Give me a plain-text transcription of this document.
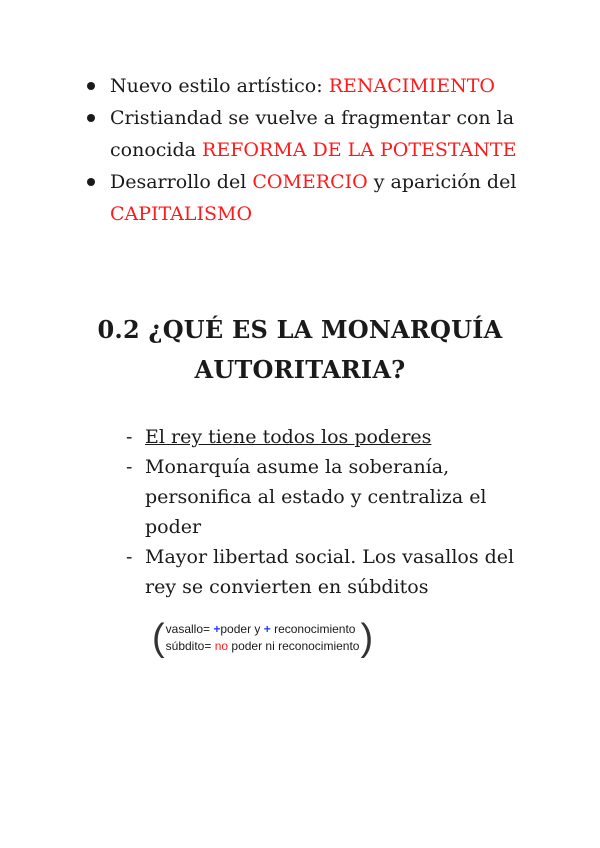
Nuevo estilo artístico: RENACIMIENTO
Cristiandad se vuelve a fragmentar con la conocida REFORMA DE LA POTESTANTE
Desarrollo del COMERCIO y aparición del CAPITALISMO
0.2 ¿QUÉ ES LA MONARQUÍA AUTORITARIA?
- El rey tiene todos los poderes
- Monarquía asume la soberanía, personifica al estado y centraliza el poder
- Mayor libertad social. Los vasallos del rey se convierten en súbditos
( vasallo= +poder y + reconocimiento
súbdito= no poder ni reconocimiento )
